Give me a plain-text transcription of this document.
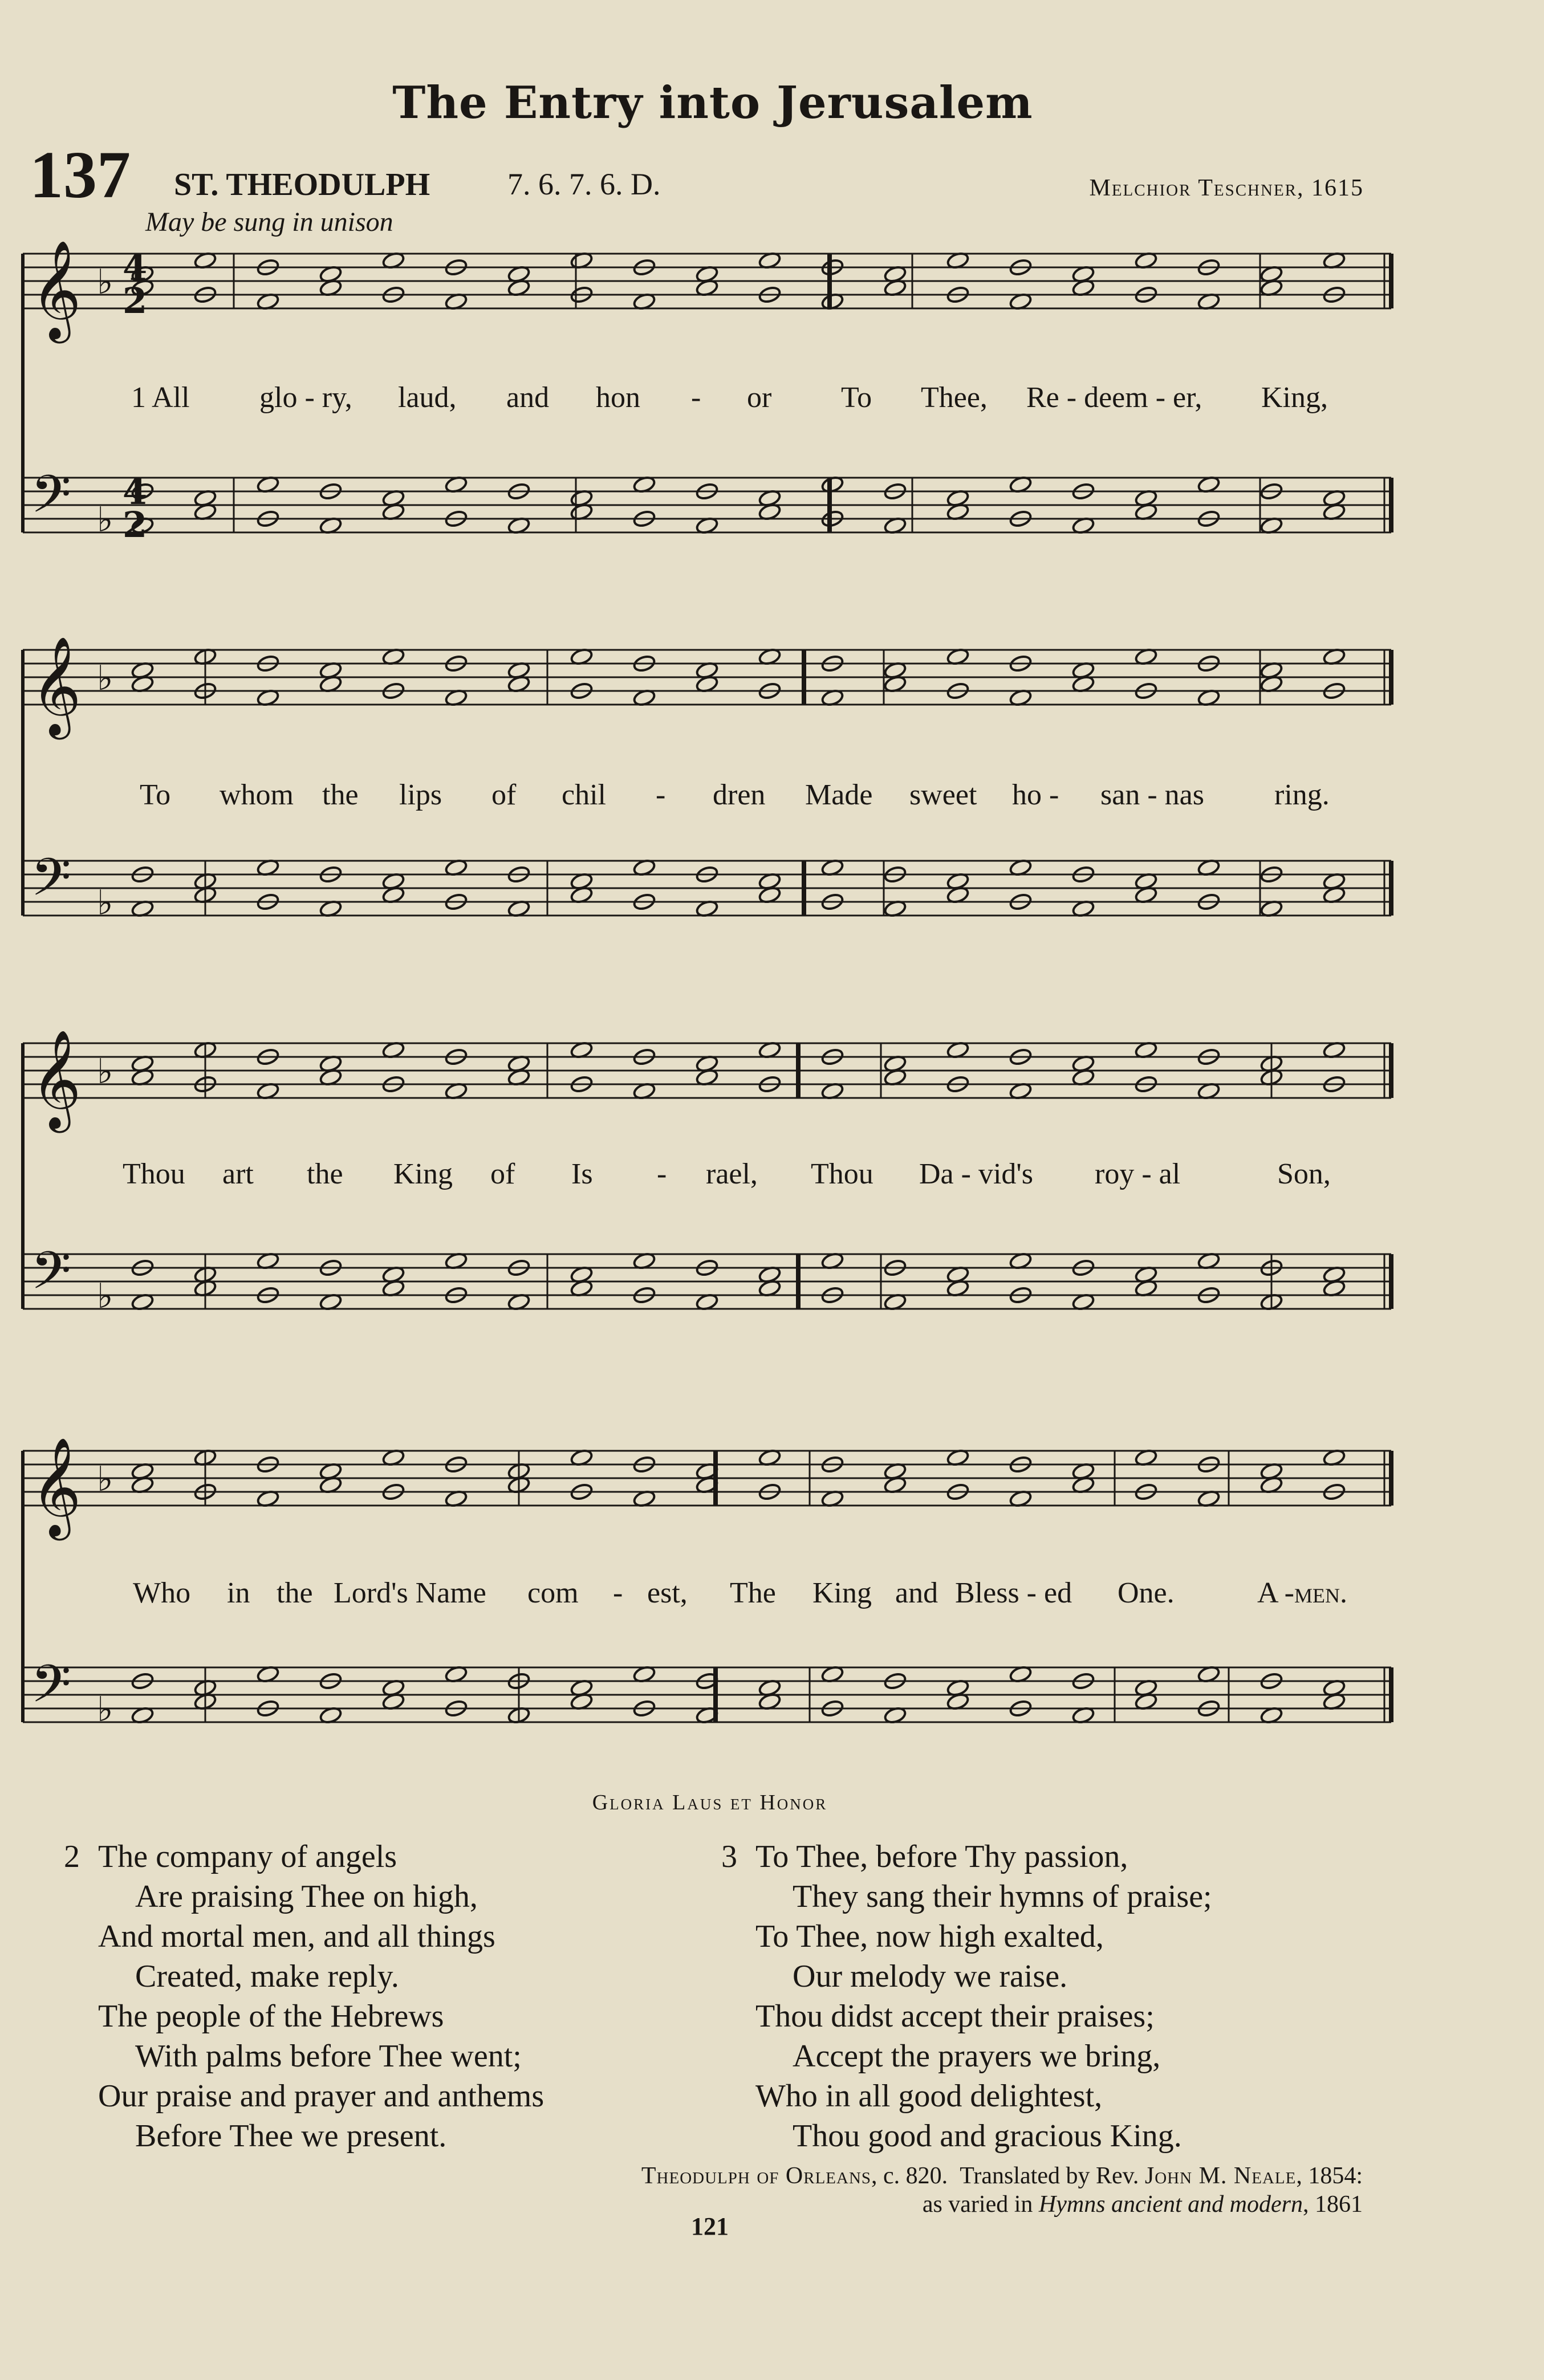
The Entry into Jerusalem
137 ST. THEODULPH	7. 6. 7. 6. D.	Melchior Teschner, 1615
May be sung in unison
𝄞 ♭ 4
2
𝄢 ♭
4
2
𝄞 ♭
𝄢 ♭
𝄞 ♭
𝄢 ♭
𝄞 ♭
𝄢 ♭
1 All glo - ry, laud, and hon - or To Thee, Re - deem - er, King,
To whom the lips of chil - dren Made sweet ho - san - nas ring.
Thou art the King of Is - rael, Thou Da - vid's roy - al	Son,
Who in the Lord's Name com - est, The King and Bless - ed One.	A -men.
Gloria Laus et Honor
2 The company of angels
Are praising Thee on high,
And mortal men, and all things
Created, make reply.
The people of the Hebrews
With palms before Thee went;
Our praise and prayer and anthems
Before Thee we present.
3 To Thee, before Thy passion,
They sang their hymns of praise;
To Thee, now high exalted,
Our melody we raise.
Thou didst accept their praises;
Accept the prayers we bring,
Who in all good delightest,
Thou good and gracious King.
Theodulph of Orleans, c. 820. Translated by Rev. John M. Neale, 1854:
as varied in Hymns ancient and modern, 1861
121
